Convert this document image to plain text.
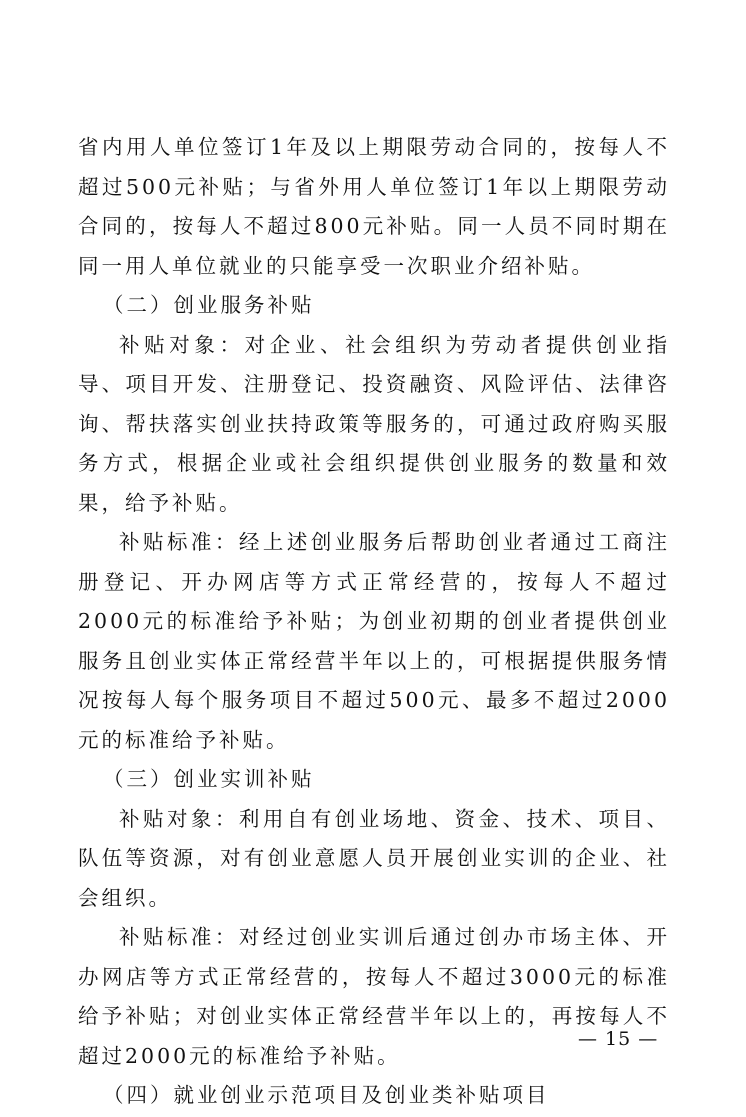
省内用人单位签订1年及以上期限劳动合同的，按每人不超过500元补贴；与省外用人单位签订1年以上期限劳动合同的，按每人不超过800元补贴。同一人员不同时期在同一用人单位就业的只能享受一次职业介绍补贴。

（二）创业服务补贴

补贴对象：对企业、社会组织为劳动者提供创业指导、项目开发、注册登记、投资融资、风险评估、法律咨询、帮扶落实创业扶持政策等服务的，可通过政府购买服务方式，根据企业或社会组织提供创业服务的数量和效果，给予补贴。

补贴标准：经上述创业服务后帮助创业者通过工商注册登记、开办网店等方式正常经营的，按每人不超过2000元的标准给予补贴；为创业初期的创业者提供创业服务且创业实体正常经营半年以上的，可根据提供服务情况按每人每个服务项目不超过500元、最多不超过2000元的标准给予补贴。

（三）创业实训补贴

补贴对象：利用自有创业场地、资金、技术、项目、队伍等资源，对有创业意愿人员开展创业实训的企业、社会组织。

补贴标准：对经过创业实训后通过创办市场主体、开办网店等方式正常经营的，按每人不超过3000元的标准给予补贴；对创业实体正常经营半年以上的，再按每人不超过2000元的标准给予补贴。

（四）就业创业示范项目及创业类补贴项目

— 15 —
